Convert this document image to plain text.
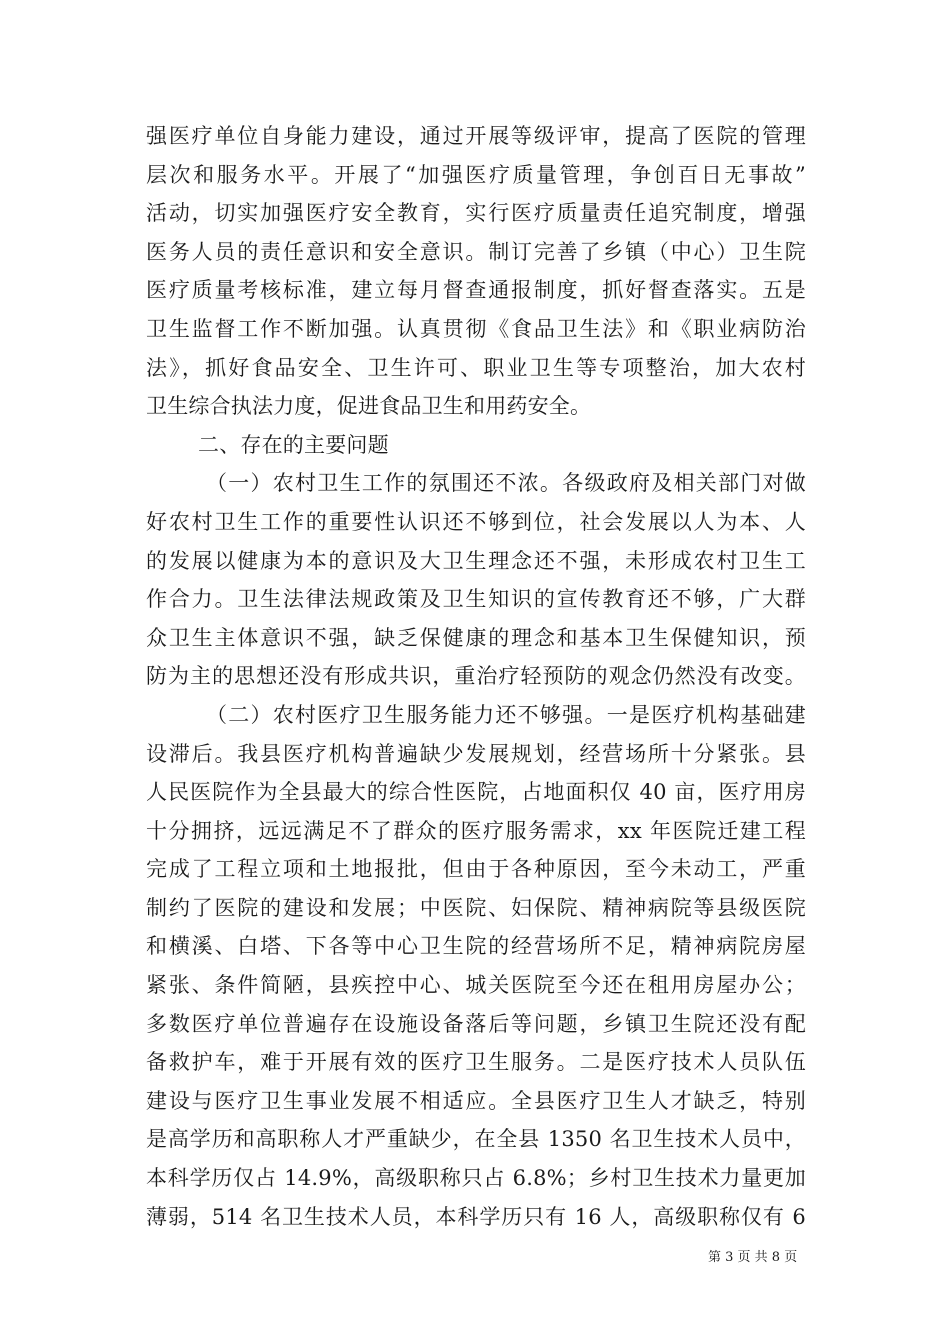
强医疗单位自身能力建设，通过开展等级评审，提高了医院的管理
层次和服务水平。开展了“加强医疗质量管理，争创百日无事故”
活动，切实加强医疗安全教育，实行医疗质量责任追究制度，增强
医务人员的责任意识和安全意识。制订完善了乡镇（中心）卫生院
医疗质量考核标准，建立每月督查通报制度，抓好督查落实。五是
卫生监督工作不断加强。认真贯彻《食品卫生法》和《职业病防治
法》，抓好食品安全、卫生许可、职业卫生等专项整治，加大农村
卫生综合执法力度，促进食品卫生和用药安全。
二、存在的主要问题
（一）农村卫生工作的氛围还不浓。各级政府及相关部门对做
好农村卫生工作的重要性认识还不够到位，社会发展以人为本、人
的发展以健康为本的意识及大卫生理念还不强，未形成农村卫生工
作合力。卫生法律法规政策及卫生知识的宣传教育还不够，广大群
众卫生主体意识不强，缺乏保健康的理念和基本卫生保健知识，预
防为主的思想还没有形成共识，重治疗轻预防的观念仍然没有改变。
（二）农村医疗卫生服务能力还不够强。一是医疗机构基础建
设滞后。我县医疗机构普遍缺少发展规划，经营场所十分紧张。县
人民医院作为全县最大的综合性医院，占地面积仅 40 亩，医疗用房
十分拥挤，远远满足不了群众的医疗服务需求，xx 年医院迁建工程
完成了工程立项和土地报批，但由于各种原因，至今未动工，严重
制约了医院的建设和发展；中医院、妇保院、精神病院等县级医院
和横溪、白塔、下各等中心卫生院的经营场所不足，精神病院房屋
紧张、条件简陋，县疾控中心、城关医院至今还在租用房屋办公；
多数医疗单位普遍存在设施设备落后等问题，乡镇卫生院还没有配
备救护车，难于开展有效的医疗卫生服务。二是医疗技术人员队伍
建设与医疗卫生事业发展不相适应。全县医疗卫生人才缺乏，特别
是高学历和高职称人才严重缺少，在全县 1350 名卫生技术人员中，
本科学历仅占 14.9%，高级职称只占 6.8%；乡村卫生技术力量更加
薄弱，514 名卫生技术人员，本科学历只有 16 人，高级职称仅有 6
第 3 页 共 8 页
